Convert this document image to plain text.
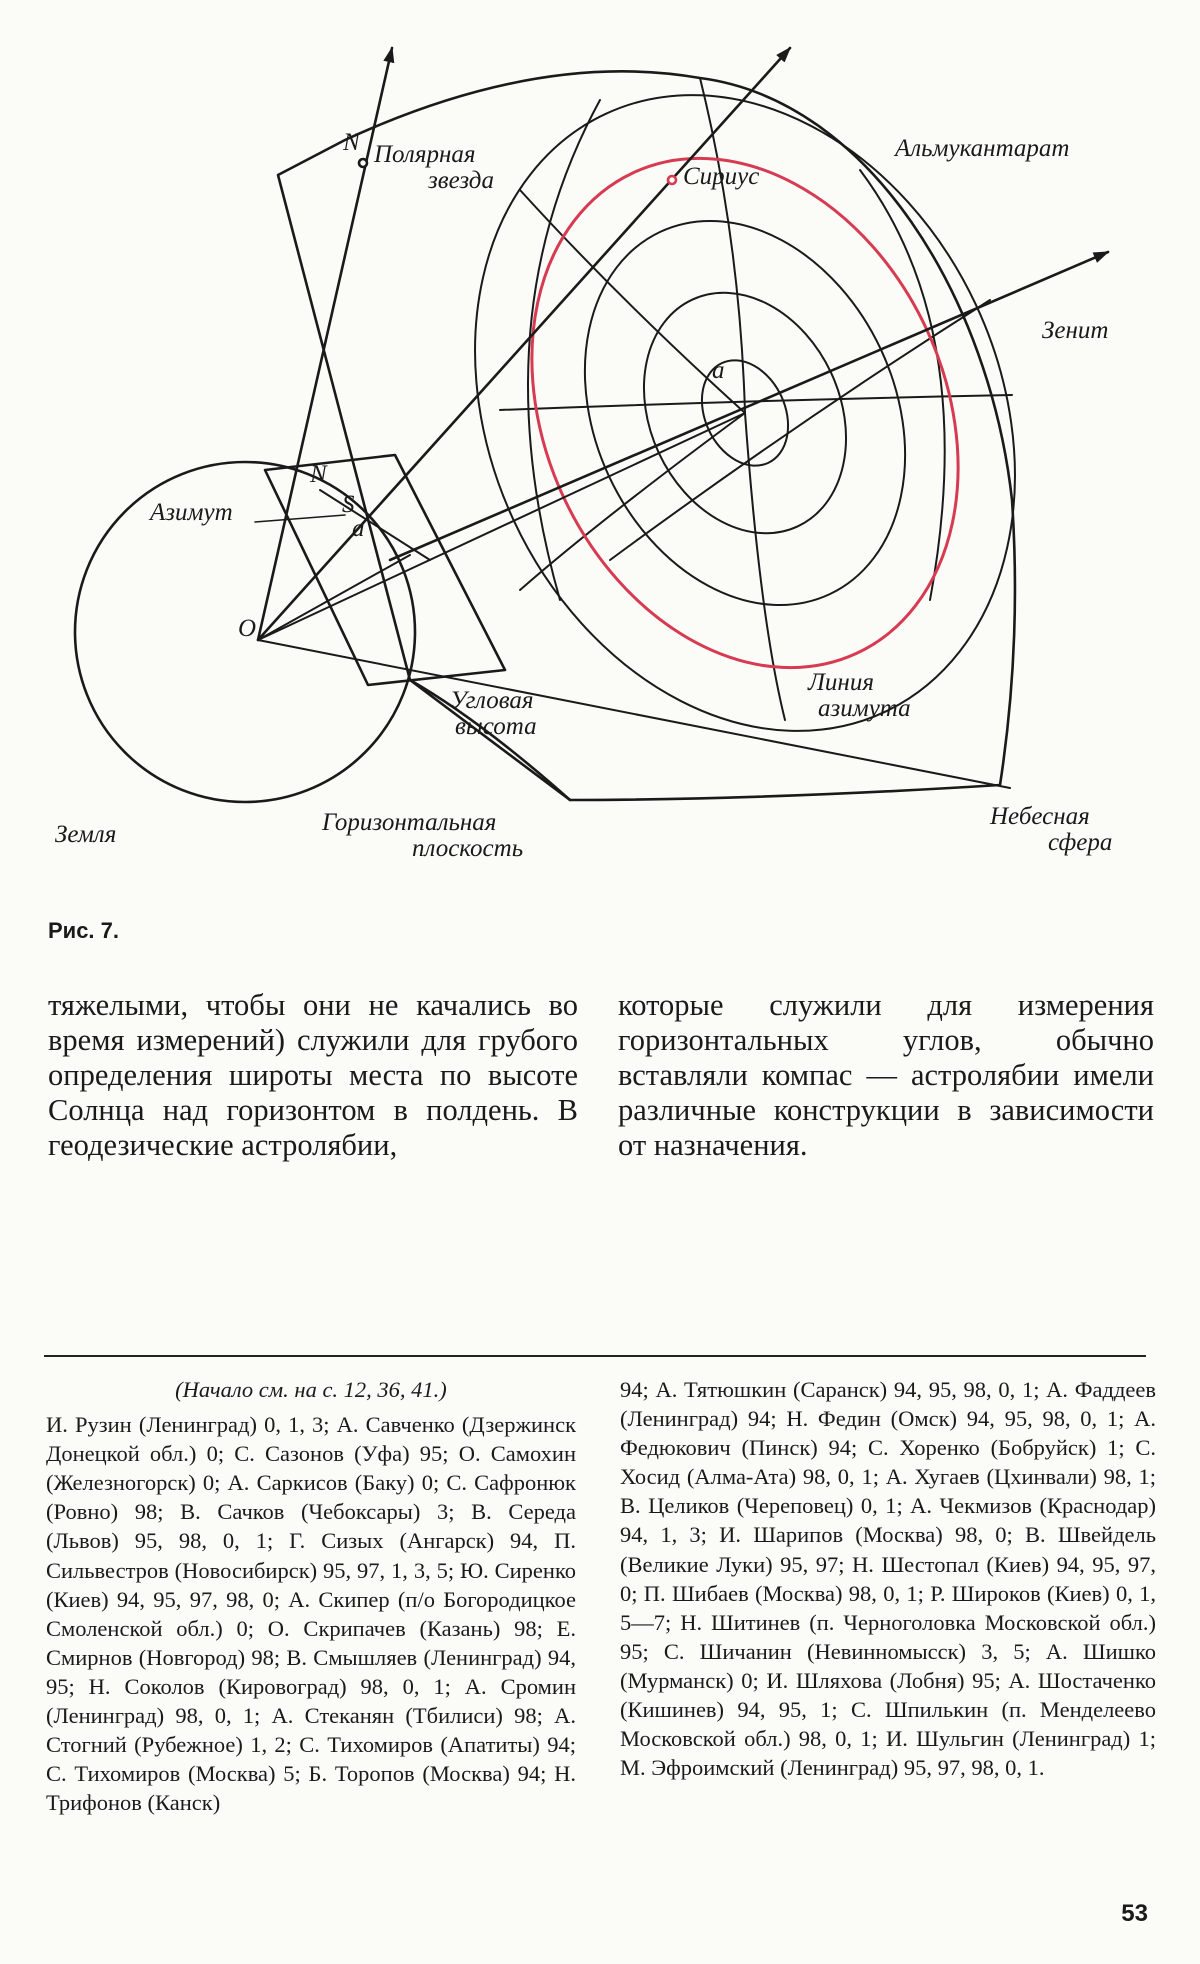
N Полярная
звезда	Сириус
Альмукантарат
Зенит
a
Азимут
N
S
a
O
Угловая
высота
Линия
азимута
Земля	Горизонтальная
плоскость
Небесная
сфера
Рис. 7.
тяжелыми, чтобы они не качались во время измерений) служили для грубого определения широты места по высоте Солнца над горизонтом в полдень. В геодезические астролябии,
которые служили для измерения горизонтальных углов, обычно вставляли компас — астролябии имели различные конструкции в зависимости от назначения.
(Начало см. на с. 12, 36, 41.)

И. Рузин (Ленинград) 0, 1, 3; А. Савченко (Дзержинск Донецкой обл.) 0; С. Сазонов (Уфа) 95; О. Самохин (Железногорск) 0; А. Саркисов (Баку) 0; С. Сафронюк (Ровно) 98; В. Сачков (Чебоксары) 3; В. Середа (Львов) 95, 98, 0, 1; Г. Сизых (Ангарск) 94, П. Сильвестров (Новосибирск) 95, 97, 1, 3, 5; Ю. Сиренко (Киев) 94, 95, 97, 98, 0; А. Скипер (п/о Богородицкое Смоленской обл.) 0; О. Скрипачев (Казань) 98; Е. Смирнов (Новгород) 98; В. Смышляев (Ленинград) 94, 95; Н. Соколов (Кировоград) 98, 0, 1; А. Сромин (Ленинград) 98, 0, 1; А. Стеканян (Тбилиси) 98; А. Стогний (Рубежное) 1, 2; С. Тихомиров (Апатиты) 94; С. Тихомиров (Москва) 5; Б. Торопов (Москва) 94; Н. Трифонов (Канск)

94; А. Тятюшкин (Саранск) 94, 95, 98, 0, 1; А. Фаддеев (Ленинград) 94; Н. Федин (Омск) 94, 95, 98, 0, 1; А. Федюкович (Пинск) 94; С. Хоренко (Бобруйск) 1; С. Хосид (Алма-Ата) 98, 0, 1; А. Хугаев (Цхинвали) 98, 1; В. Целиков (Череповец) 0, 1; А. Чекмизов (Краснодар) 94, 1, 3; И. Шарипов (Москва) 98, 0; В. Швейдель (Великие Луки) 95, 97; Н. Шестопал (Киев) 94, 95, 97, 0; П. Шибаев (Москва) 98, 0, 1; Р. Широков (Киев) 0, 1, 5—7; Н. Шитинев (п. Черноголовка Московской обл.) 95; С. Шичанин (Невинномысск) 3, 5; А. Шишко (Мурманск) 0; И. Шляхова (Лобня) 95; А. Шостаченко (Кишинев) 94, 95, 1; С. Шпилькин (п. Менделеево Московской обл.) 98, 0, 1; И. Шульгин (Ленинград) 1; М. Эфроимский (Ленинград) 95, 97, 98, 0, 1.

53
